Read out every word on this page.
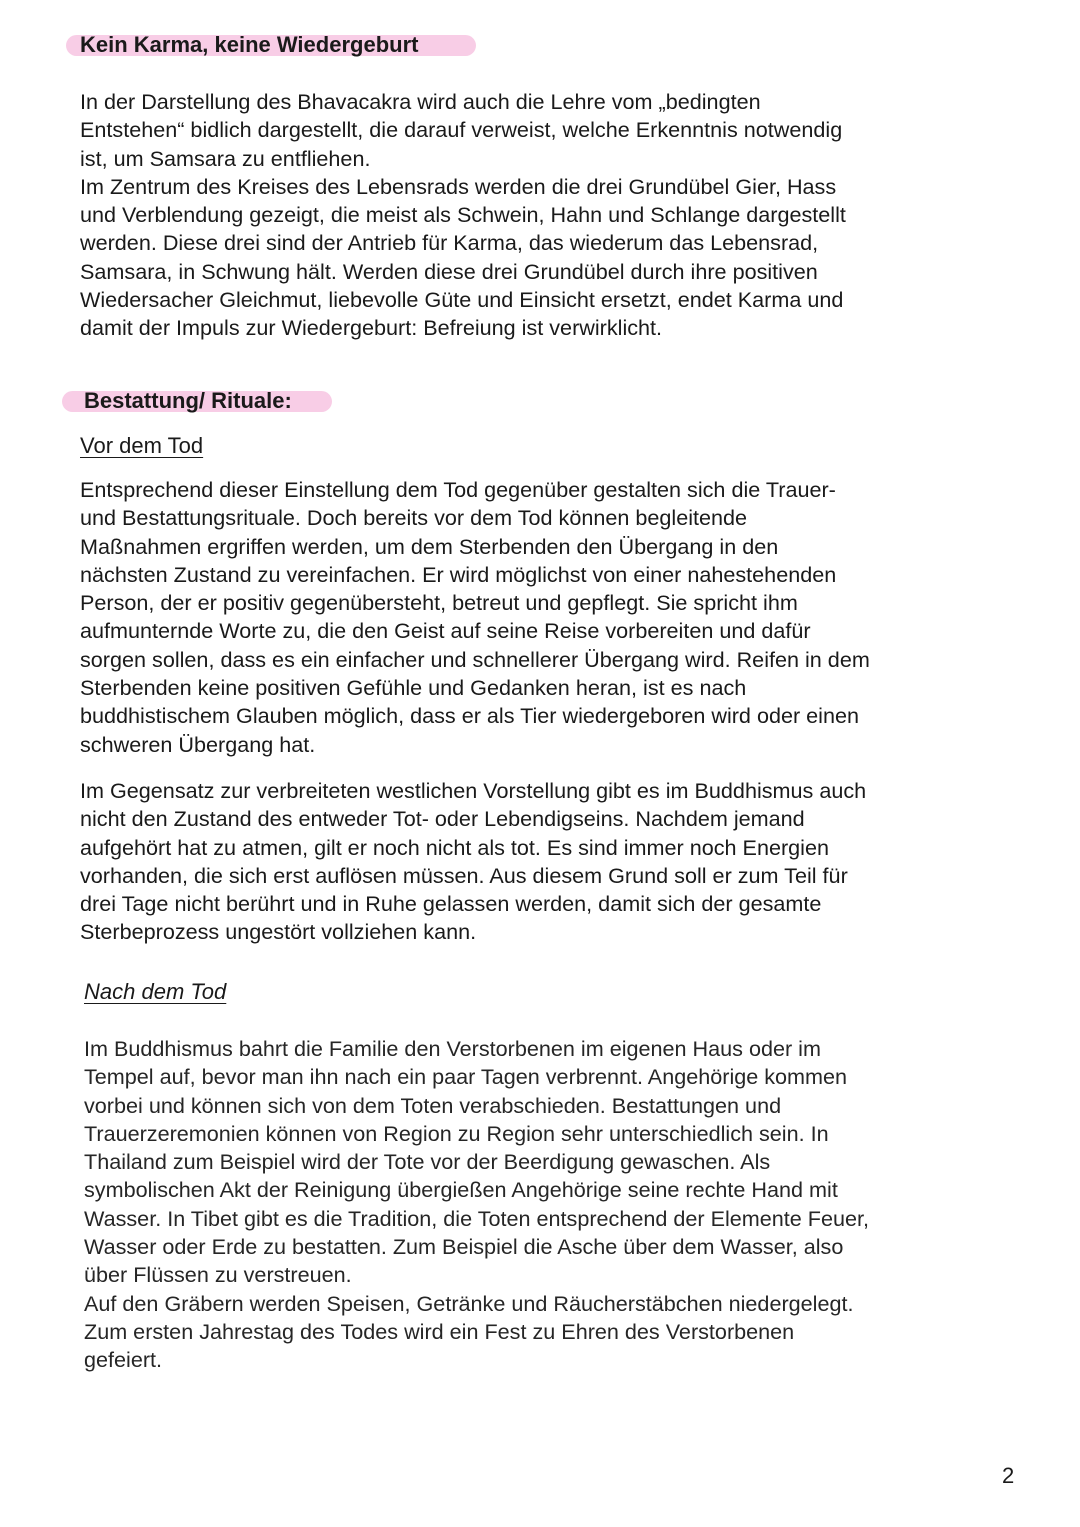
Kein Karma, keine Wiedergeburt
In der Darstellung des Bhavacakra wird auch die Lehre vom „bedingten
Entstehen“ bidlich dargestellt, die darauf verweist, welche Erkenntnis notwendig
ist, um Samsara zu entfliehen.
Im Zentrum des Kreises des Lebensrads werden die drei Grundübel Gier, Hass
und Verblendung gezeigt, die meist als Schwein, Hahn und Schlange dargestellt
werden. Diese drei sind der Antrieb für Karma, das wiederum das Lebensrad,
Samsara, in Schwung hält. Werden diese drei Grundübel durch ihre positiven
Wiedersacher Gleichmut, liebevolle Güte und Einsicht ersetzt, endet Karma und
damit der Impuls zur Wiedergeburt: Befreiung ist verwirklicht.
Bestattung/ Rituale:
Vor dem Tod
Entsprechend dieser Einstellung dem Tod gegenüber gestalten sich die Trauer-
und Bestattungsrituale. Doch bereits vor dem Tod können begleitende
Maßnahmen ergriffen werden, um dem Sterbenden den Übergang in den
nächsten Zustand zu vereinfachen. Er wird möglichst von einer nahestehenden
Person, der er positiv gegenübersteht, betreut und gepflegt. Sie spricht ihm
aufmunternde Worte zu, die den Geist auf seine Reise vorbereiten und dafür
sorgen sollen, dass es ein einfacher und schnellerer Übergang wird. Reifen in dem
Sterbenden keine positiven Gefühle und Gedanken heran, ist es nach
buddhistischem Glauben möglich, dass er als Tier wiedergeboren wird oder einen
schweren Übergang hat.
Im Gegensatz zur verbreiteten westlichen Vorstellung gibt es im Buddhismus auch
nicht den Zustand des entweder Tot- oder Lebendigseins. Nachdem jemand
aufgehört hat zu atmen, gilt er noch nicht als tot. Es sind immer noch Energien
vorhanden, die sich erst auflösen müssen. Aus diesem Grund soll er zum Teil für
drei Tage nicht berührt und in Ruhe gelassen werden, damit sich der gesamte
Sterbeprozess ungestört vollziehen kann.
Nach dem Tod
Im Buddhismus bahrt die Familie den Verstorbenen im eigenen Haus oder im
Tempel auf, bevor man ihn nach ein paar Tagen verbrennt. Angehörige kommen
vorbei und können sich von dem Toten verabschieden. Bestattungen und
Trauerzeremonien können von Region zu Region sehr unterschiedlich sein. In
Thailand zum Beispiel wird der Tote vor der Beerdigung gewaschen. Als
symbolischen Akt der Reinigung übergießen Angehörige seine rechte Hand mit
Wasser. In Tibet gibt es die Tradition, die Toten entsprechend der Elemente Feuer,
Wasser oder Erde zu bestatten. Zum Beispiel die Asche über dem Wasser, also
über Flüssen zu verstreuen.
Auf den Gräbern werden Speisen, Getränke und Räucherstäbchen niedergelegt.
Zum ersten Jahrestag des Todes wird ein Fest zu Ehren des Verstorbenen
gefeiert.
2
